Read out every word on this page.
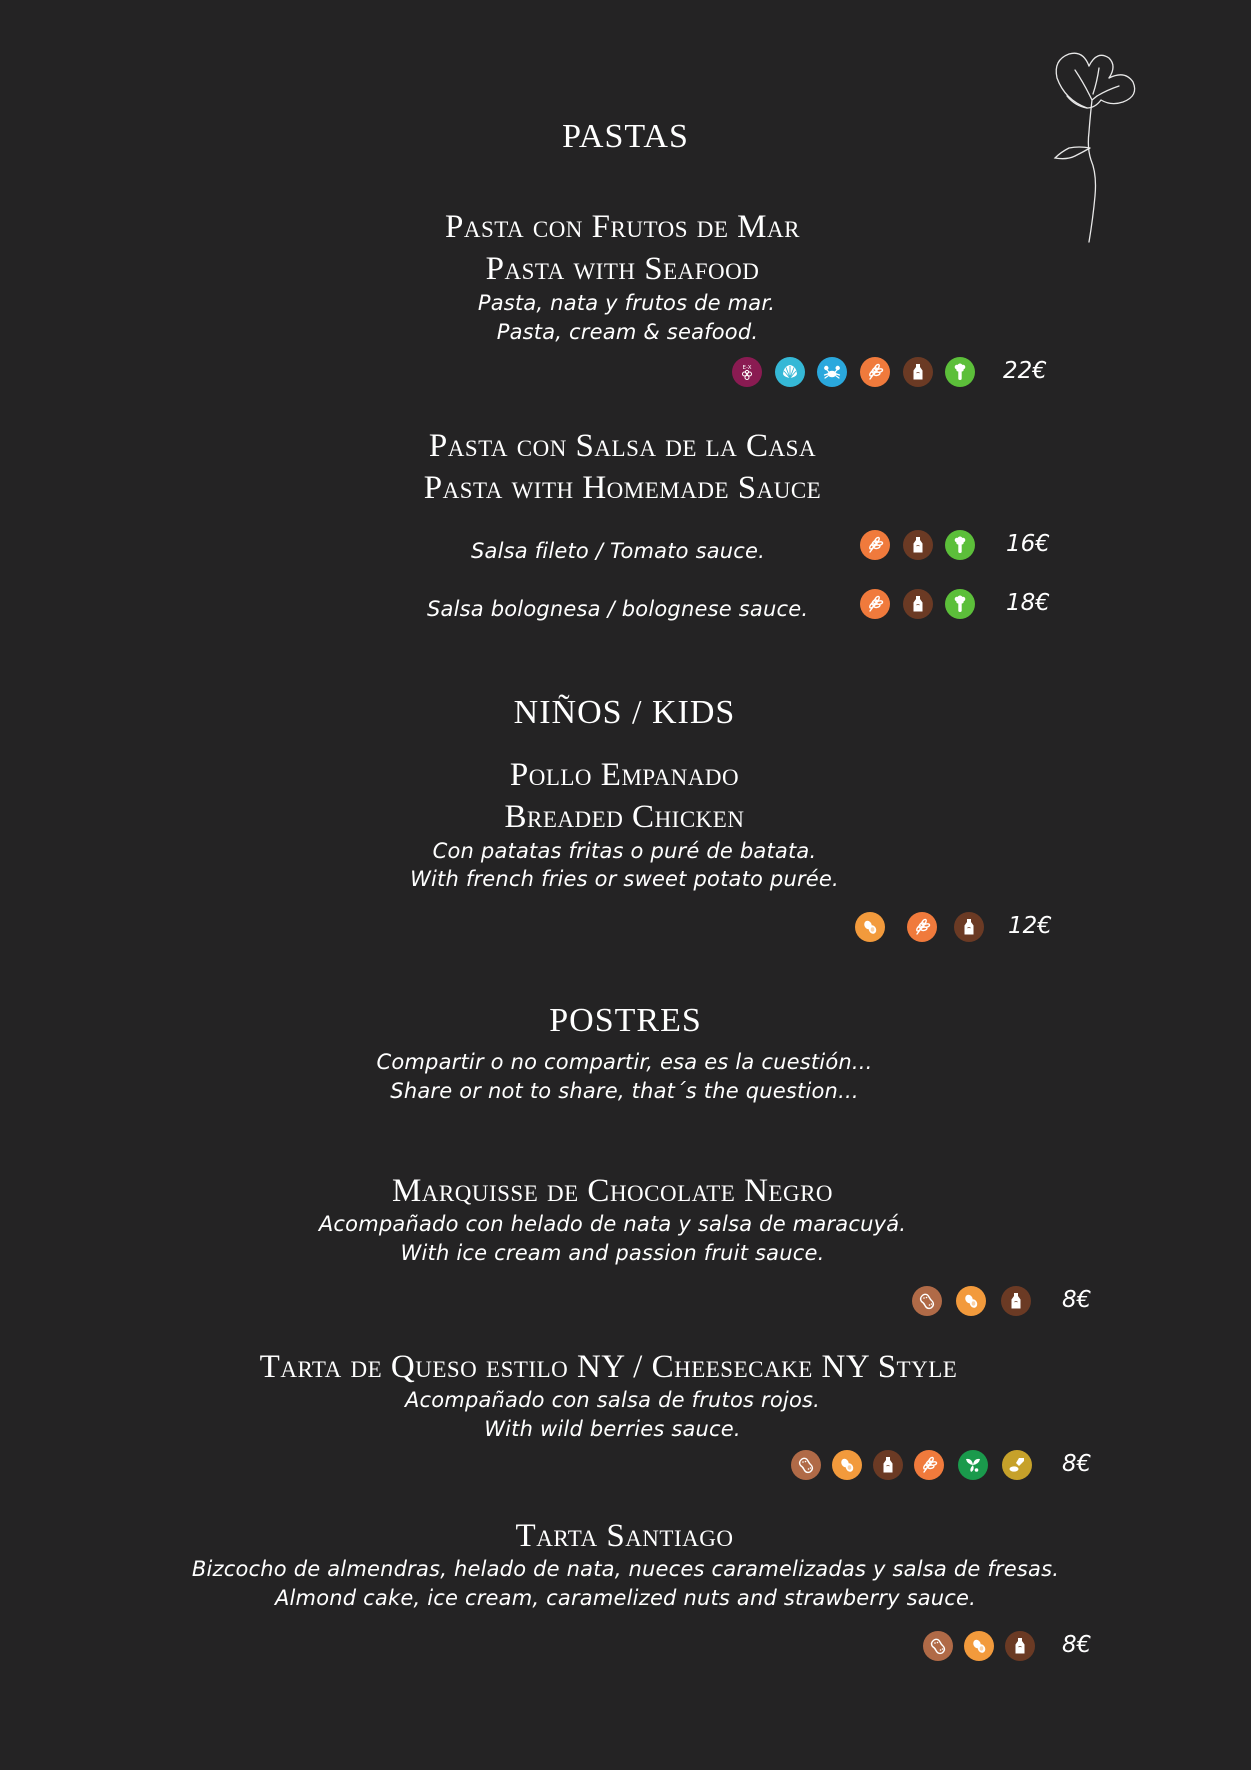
PASTAS
Pasta con Frutos de Mar
Pasta with Seafood
Pasta, nata y frutos de mar.
Pasta, cream & seafood.
22€
Pasta con Salsa de la Casa
Pasta with Homemade Sauce
Salsa fileto / Tomato sauce.	16€
Salsa bolognesa / bolognese sauce.	18€
NIÑOS / KIDS
Pollo Empanado
Breaded Chicken
Con patatas fritas o puré de batata.
With french fries or sweet potato purée.
12€
POSTRES
Compartir o no compartir, esa es la cuestión...
Share or not to share, that´s the question...
Marquisse de Chocolate Negro
Acompañado con helado de nata y salsa de maracuyá.
With ice cream and passion fruit sauce.
8€
Tarta de Queso estilo NY / Cheesecake NY Style
Acompañado con salsa de frutos rojos.
With wild berries sauce.
8€
Tarta Santiago
Bizcocho de almendras, helado de nata, nueces caramelizadas y salsa de fresas.
Almond cake, ice cream, caramelized nuts and strawberry sauce.
8€
